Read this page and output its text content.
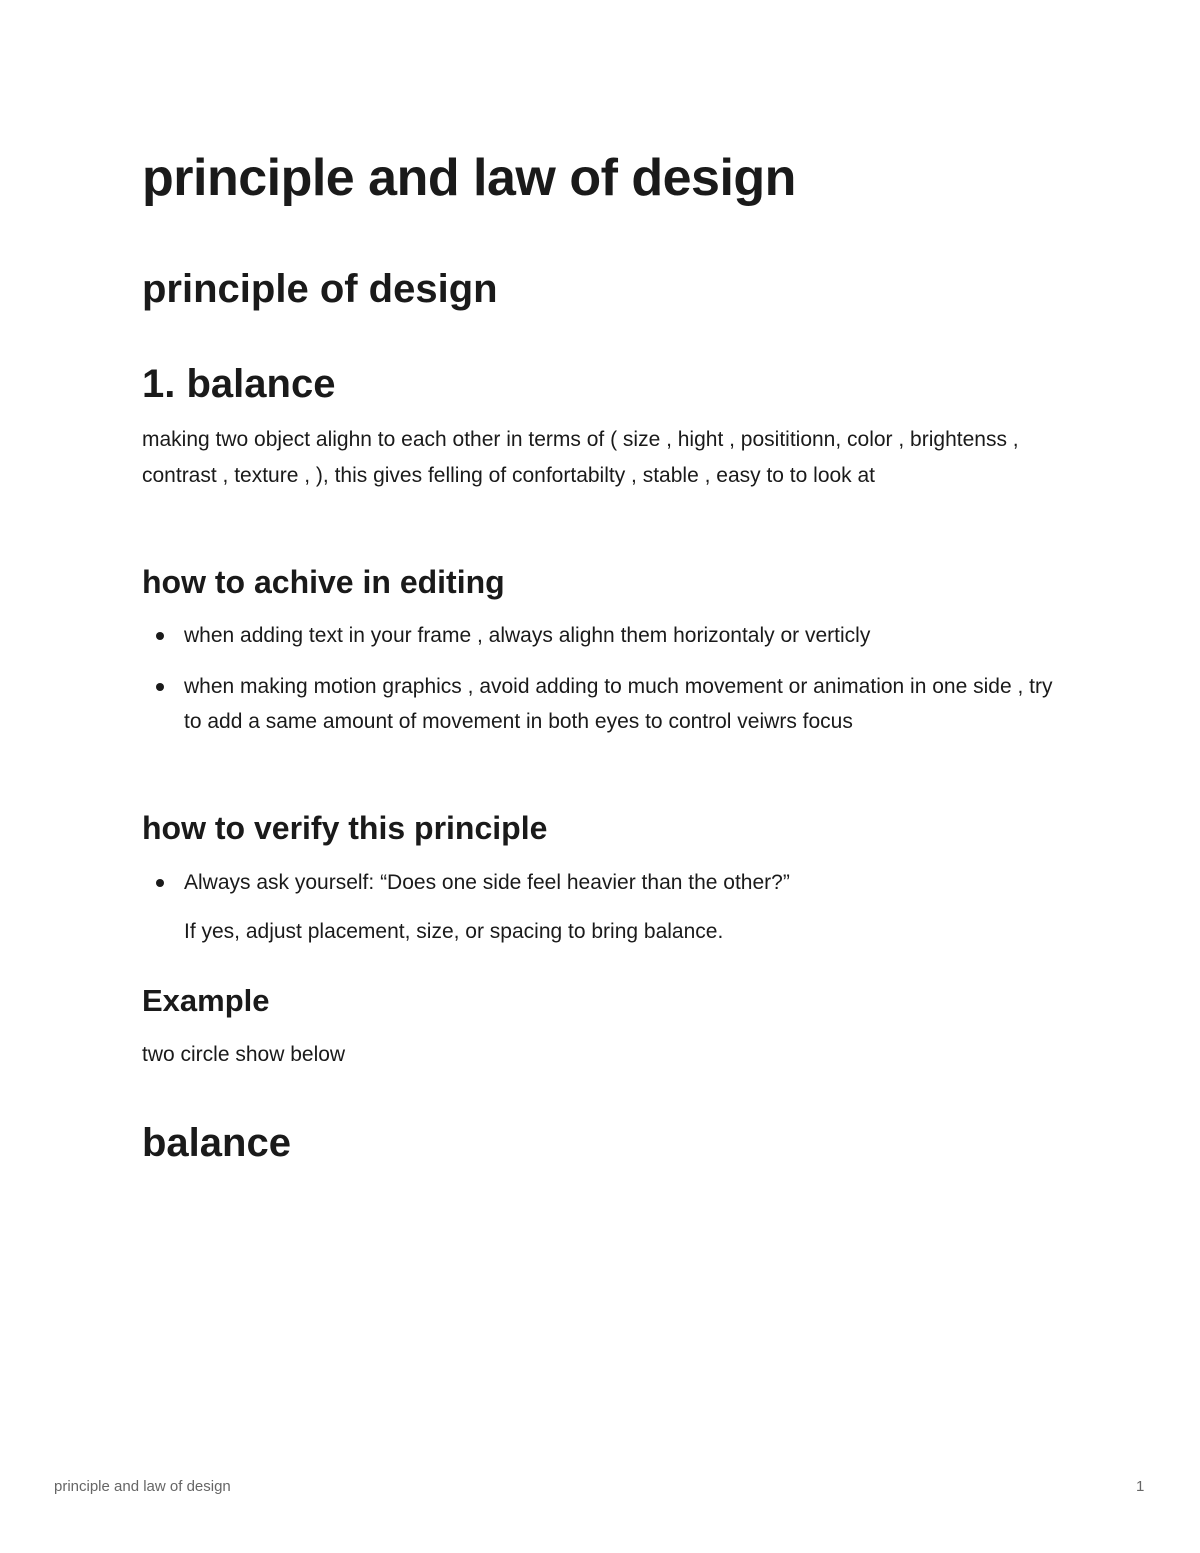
principle and law of design
principle of design
1. balance

making two object alighn to each other in terms of ( size , hight , posititionn, color , brightenss , contrast , texture , ), this gives felling of confortabilty , stable , easy to to look at

how to achive in editing
when adding text in your frame , always alighn them horizontaly or verticly
when making motion graphics , avoid adding to much movement or animation in one side , try to add a same amount of movement in both eyes to control veiwrs focus
how to verify this principle
Always ask yourself: “Does one side feel heavier than the other?”
If yes, adjust placement, size, or spacing to bring balance.
Example

two circle show below

balance
principle and law of design	1
